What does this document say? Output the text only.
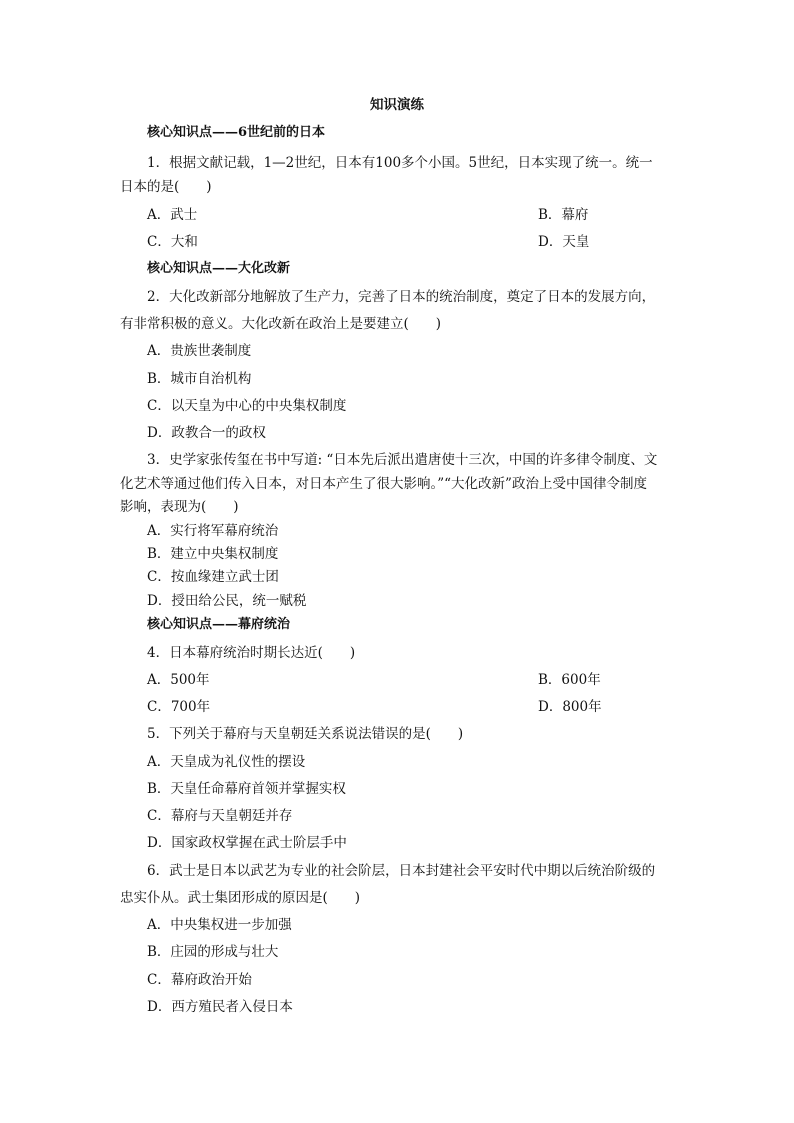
知识演练
核心知识点——6世纪前的日本
1．根据文献记载，1—2世纪，日本有100多个小国。5世纪，日本实现了统一。统一
日本的是(　　)
A．武士	B．幕府
C．大和	D．天皇
核心知识点——大化改新
2．大化改新部分地解放了生产力，完善了日本的统治制度，奠定了日本的发展方向，
有非常积极的意义。大化改新在政治上是要建立(　　)
A．贵族世袭制度
B．城市自治机构
C．以天皇为中心的中央集权制度
D．政教合一的政权
3．史学家张传玺在书中写道: “日本先后派出遣唐使十三次，中国的许多律令制度、文
化艺术等通过他们传入日本，对日本产生了很大影响。”“大化改新”政治上受中国律令制度
影响，表现为(　　)
A．实行将军幕府统治
B．建立中央集权制度
C．按血缘建立武士团
D．授田给公民，统一赋税
核心知识点——幕府统治
4．日本幕府统治时期长达近(　　)
A．500年	B．600年
C．700年	D．800年
5．下列关于幕府与天皇朝廷关系说法错误的是(　　)
A．天皇成为礼仪性的摆设
B．天皇任命幕府首领并掌握实权
C．幕府与天皇朝廷并存
D．国家政权掌握在武士阶层手中
6．武士是日本以武艺为专业的社会阶层，日本封建社会平安时代中期以后统治阶级的
忠实仆从。武士集团形成的原因是(　　)
A．中央集权进一步加强
B．庄园的形成与壮大
C．幕府政治开始
D．西方殖民者入侵日本
